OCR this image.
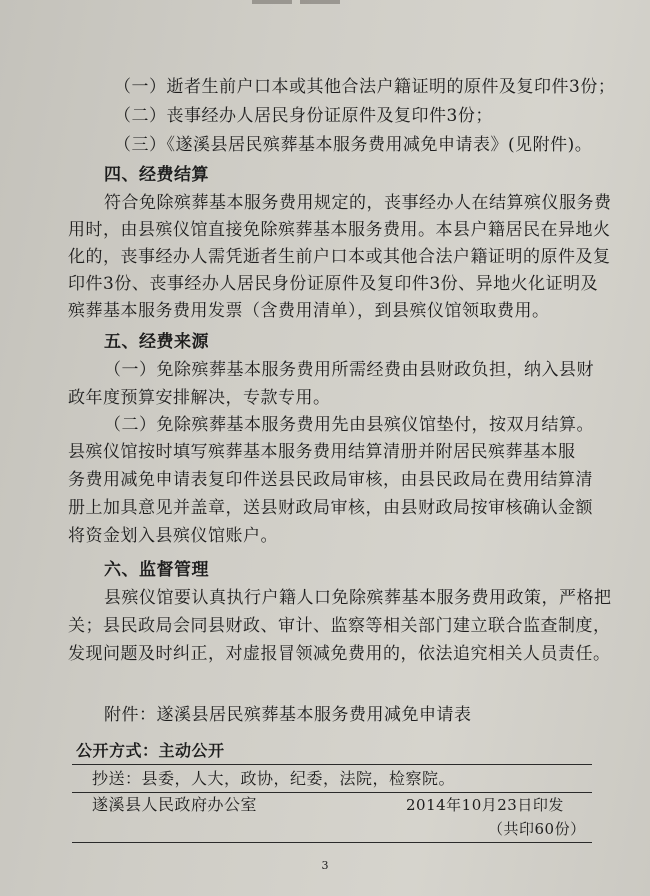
（一）逝者生前户口本或其他合法户籍证明的原件及复印件3份；
（二）丧事经办人居民身份证原件及复印件3份；
（三）《遂溪县居民殡葬基本服务费用减免申请表》(见附件)。
四、经费结算
符合免除殡葬基本服务费用规定的，丧事经办人在结算殡仪服务费
用时，由县殡仪馆直接免除殡葬基本服务费用。本县户籍居民在异地火
化的，丧事经办人需凭逝者生前户口本或其他合法户籍证明的原件及复
印件3份、丧事经办人居民身份证原件及复印件3份、异地火化证明及
殡葬基本服务费用发票（含费用清单），到县殡仪馆领取费用。
五、经费来源
（一）免除殡葬基本服务费用所需经费由县财政负担，纳入县财
政年度预算安排解决，专款专用。
（二）免除殡葬基本服务费用先由县殡仪馆垫付，按双月结算。
县殡仪馆按时填写殡葬基本服务费用结算清册并附居民殡葬基本服
务费用减免申请表复印件送县民政局审核，由县民政局在费用结算清
册上加具意见并盖章，送县财政局审核，由县财政局按审核确认金额
将资金划入县殡仪馆账户。
六、监督管理
县殡仪馆要认真执行户籍人口免除殡葬基本服务费用政策，严格把
关；县民政局会同县财政、审计、监察等相关部门建立联合监查制度，
发现问题及时纠正，对虚报冒领减免费用的，依法追究相关人员责任。
附件：遂溪县居民殡葬基本服务费用减免申请表
公开方式：主动公开
抄送：县委，人大，政协，纪委，法院，检察院。
遂溪县人民政府办公室	2014年10月23日印发
（共印60份）
3
